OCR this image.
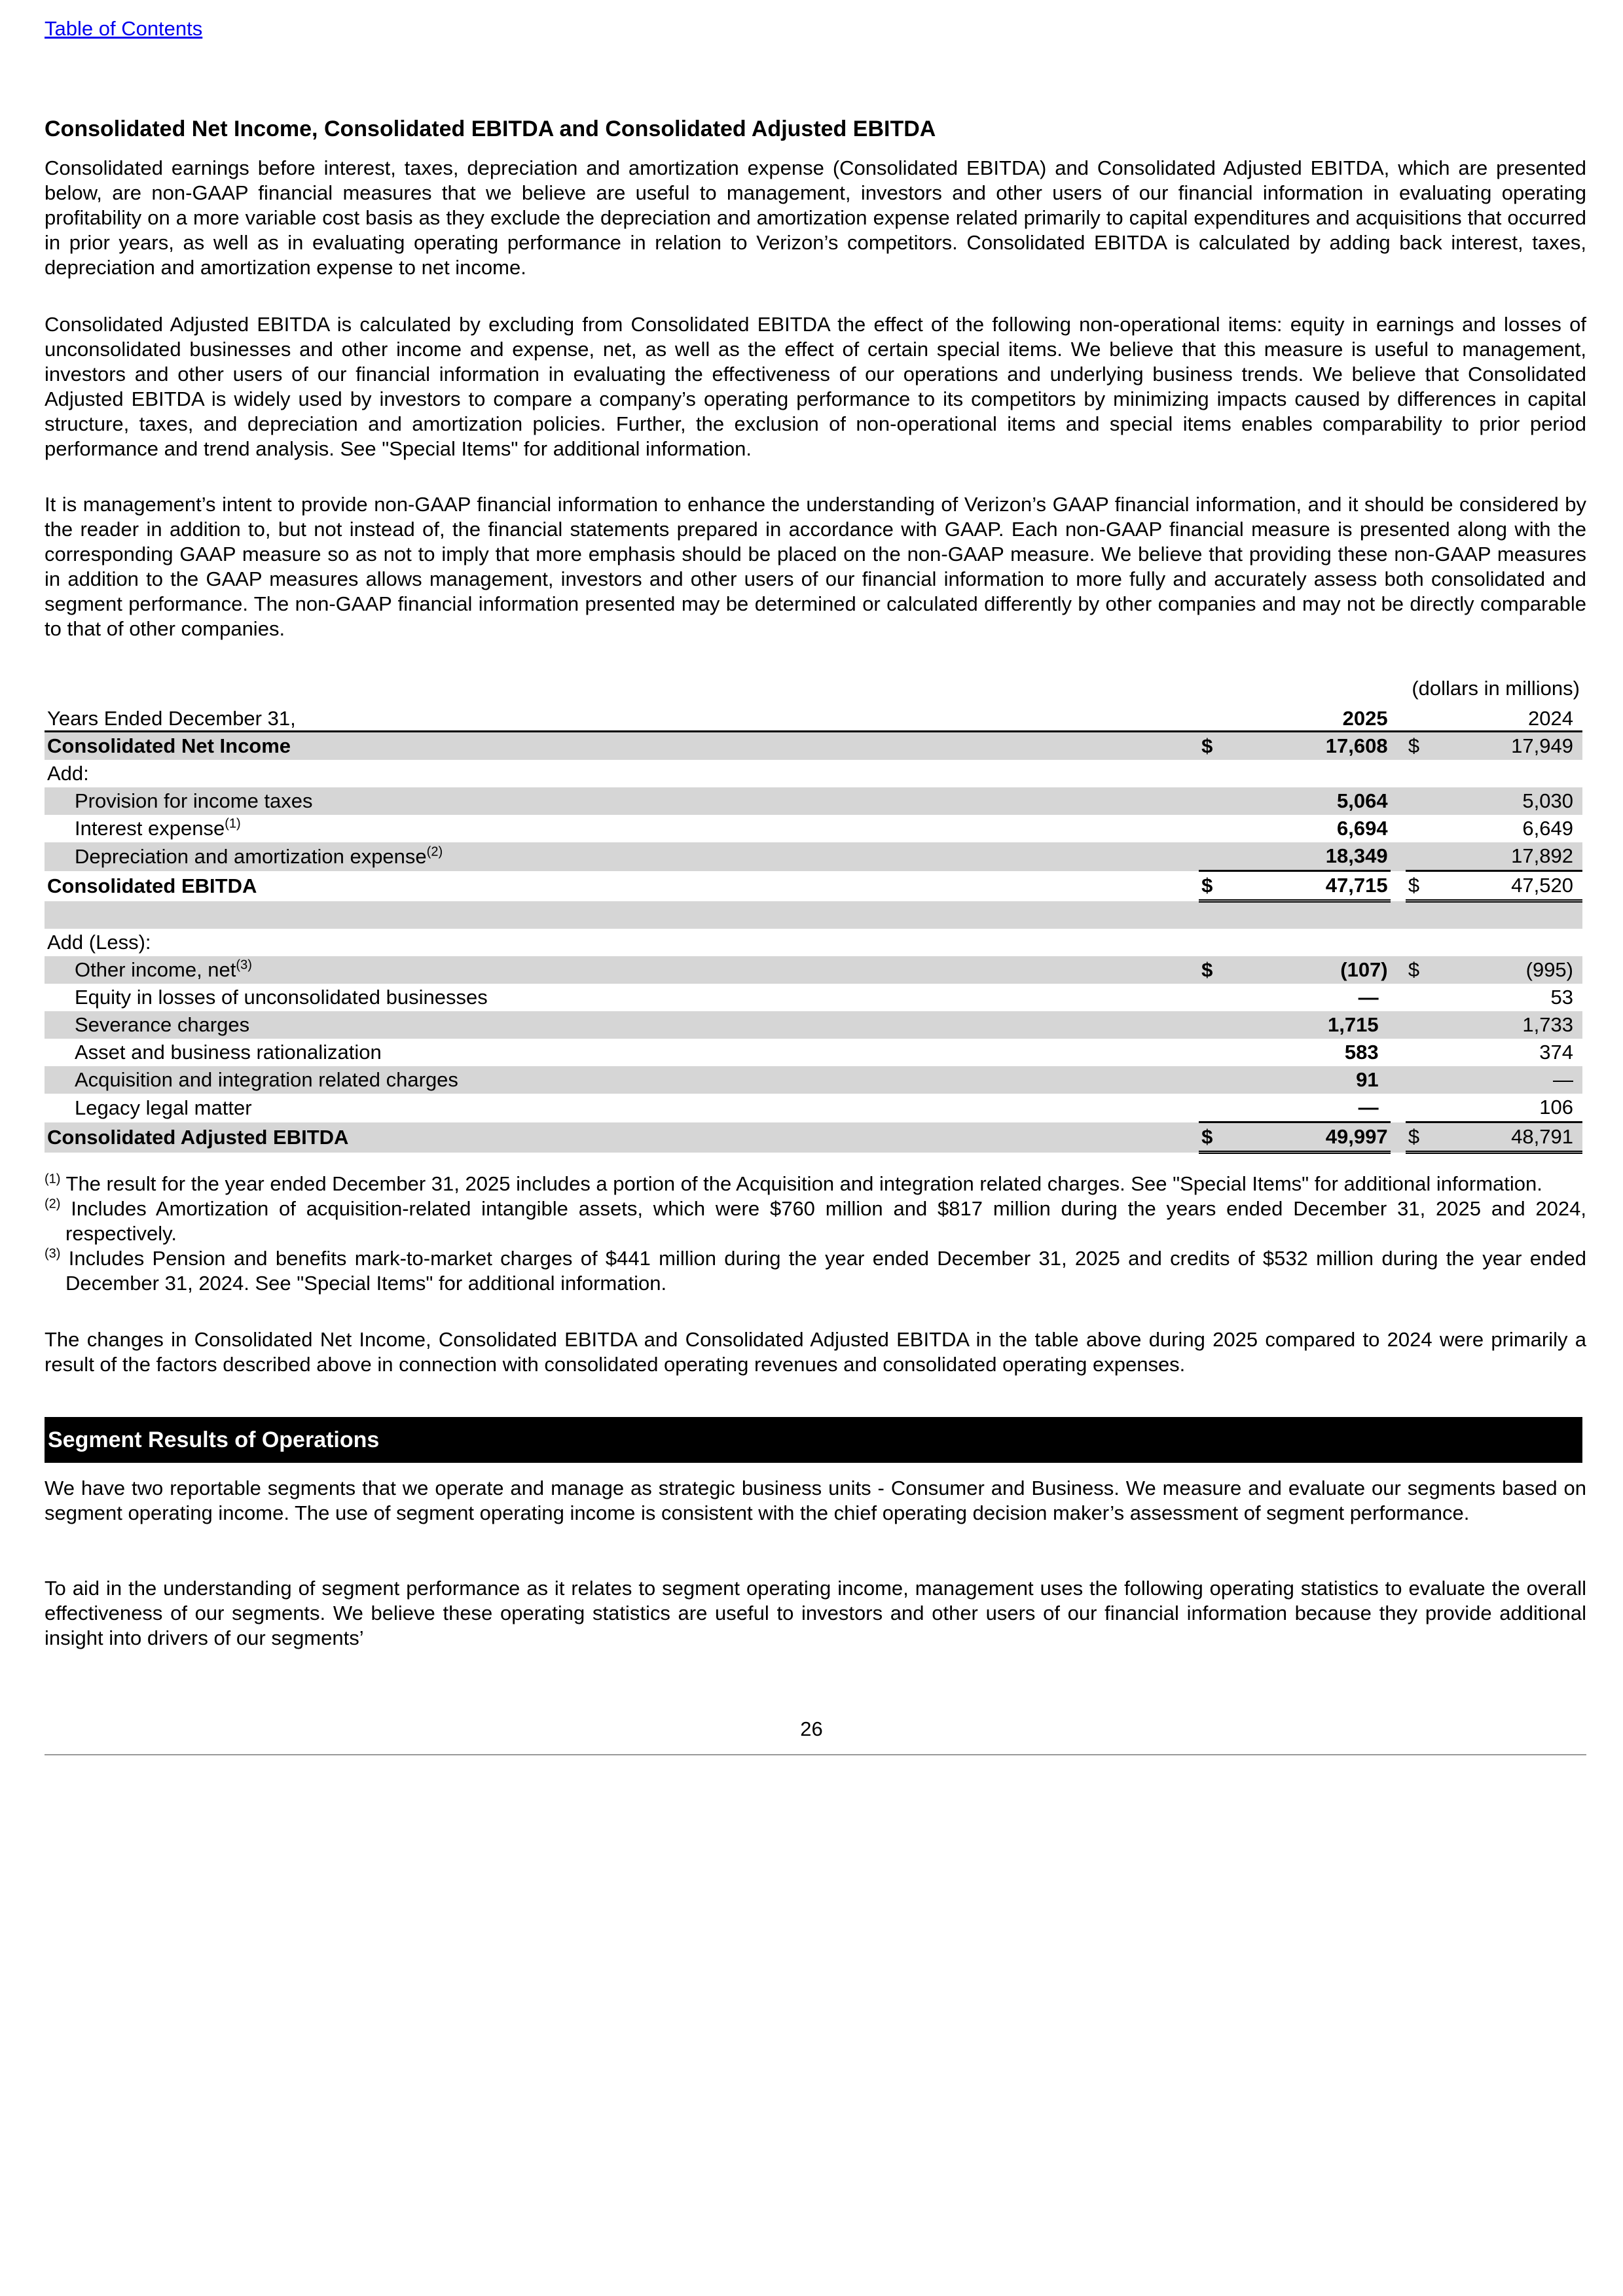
Table of Contents
Consolidated Net Income, Consolidated EBITDA and Consolidated Adjusted EBITDA

Consolidated earnings before interest, taxes, depreciation and amortization expense (Consolidated EBITDA) and Consolidated Adjusted EBITDA, which are presented below, are non-GAAP financial measures that we believe are useful to management, investors and other users of our financial information in evaluating operating profitability on a more variable cost basis as they exclude the depreciation and amortization expense related primarily to capital expenditures and acquisitions that occurred in prior years, as well as in evaluating operating performance in relation to Verizon’s competitors. Consolidated EBITDA is calculated by adding back interest, taxes, depreciation and amortization expense to net income.

Consolidated Adjusted EBITDA is calculated by excluding from Consolidated EBITDA the effect of the following non-operational items: equity in earnings and losses of unconsolidated businesses and other income and expense, net, as well as the effect of certain special items. We believe that this measure is useful to management, investors and other users of our financial information in evaluating the effectiveness of our operations and underlying business trends. We believe that Consolidated Adjusted EBITDA is widely used by investors to compare a company’s operating performance to its competitors by minimizing impacts caused by differences in capital structure, taxes, and depreciation and amortization policies. Further, the exclusion of non-operational items and special items enables comparability to prior period performance and trend analysis. See "Special Items" for additional information.

It is management’s intent to provide non-GAAP financial information to enhance the understanding of Verizon’s GAAP financial information, and it should be considered by the reader in addition to, but not instead of, the financial statements prepared in accordance with GAAP. Each non-GAAP financial measure is presented along with the corresponding GAAP measure so as not to imply that more emphasis should be placed on the non-GAAP measure. We believe that providing these non-GAAP measures in addition to the GAAP measures allows management, investors and other users of our financial information to more fully and accurately assess both consolidated and segment performance. The non-GAAP financial information presented may be determined or calculated differently by other companies and may not be directly comparable to that of other companies.

(dollars in millions)
Years Ended December 31,		2025			2024
Consolidated Net Income	$	17,608		$	17,949
Add:					
Provision for income taxes		5,064			5,030
Interest expense$^{(1)}$		6,694			6,649
Depreciation and amortization expense$^{(2)}$		18,349			17,892
Consolidated EBITDA	$	47,715		$	47,520

Add (Less):					
Other income, net$^{(3)}$	$	(107)		$	(995)
Equity in losses of unconsolidated businesses		—			53
Severance charges		1,715			1,733
Asset and business rationalization		583			374
Acquisition and integration related charges		91			—
Legacy legal matter		—			106
Consolidated Adjusted EBITDA	$	49,997		$	48,791

$^{(1)}$ The result for the year ended December 31, 2025 includes a portion of the Acquisition and integration related charges. See "Special Items" for additional information.

$^{(2)}$ Includes Amortization of acquisition-related intangible assets, which were $760 million and $817 million during the years ended December 31, 2025 and 2024, respectively.

$^{(3)}$ Includes Pension and benefits mark-to-market charges of $441 million during the year ended December 31, 2025 and credits of $532 million during the year ended December 31, 2024. See "Special Items" for additional information.

The changes in Consolidated Net Income, Consolidated EBITDA and Consolidated Adjusted EBITDA in the table above during 2025 compared to 2024 were primarily a result of the factors described above in connection with consolidated operating revenues and consolidated operating expenses.

Segment Results of Operations

We have two reportable segments that we operate and manage as strategic business units - Consumer and Business. We measure and evaluate our segments based on segment operating income. The use of segment operating income is consistent with the chief operating decision maker’s assessment of segment performance.

To aid in the understanding of segment performance as it relates to segment operating income, management uses the following operating statistics to evaluate the overall effectiveness of our segments. We believe these operating statistics are useful to investors and other users of our financial information because they provide additional insight into drivers of our segments’

26
